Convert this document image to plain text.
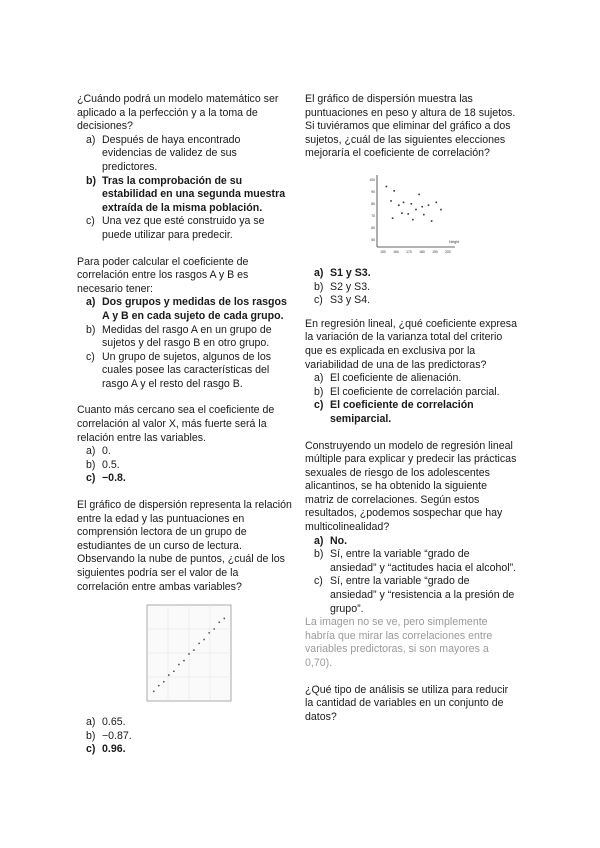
¿Cuándo podrá un modelo matemático ser aplicado a la perfección y a la toma de decisiones?

a) Después de haya encontrado evidencias de validez de sus predictores.
b) Tras la comprobación de su estabilidad en una segunda muestra extraída de la misma población.
c) Una vez que esté construido ya se puede utilizar para predecir.

Para poder calcular el coeficiente de correlación entre los rasgos A y B es necesario tener:

a) Dos grupos y medidas de los rasgos A y B en cada sujeto de cada grupo.
b) Medidas del rasgo A en un grupo de sujetos y del rasgo B en otro grupo.
c) Un grupo de sujetos, algunos de los cuales posee las características del rasgo A y el resto del rasgo B.

Cuanto más cercano sea el coeficiente de correlación al valor X, más fuerte será la relación entre las variables.

a) 0.
b) 0.5.
c) −0.8.

El gráfico de dispersión representa la relación entre la edad y las puntuaciones en comprensión lectora de un grupo de estudiantes de un curso de lectura. Observando la nube de puntos, ¿cuál de los siguientes podría ser el valor de la correlación entre ambas variables?

a) 0.65.
b) −0.87.
c) 0.96.

El gráfico de dispersión muestra las puntuaciones en peso y altura de 18 sujetos. Si tuviéramos que eliminar del gráfico a dos sujetos, ¿cuál de las siguientes elecciones mejoraría el coeficiente de correlación?

Height
150 160 170 180 190 200
100
90
80
70
60
50
a) S1 y S3.
b) S2 y S3.
c) S3 y S4.

En regresión lineal, ¿qué coeficiente expresa la variación de la varianza total del criterio que es explicada en exclusiva por la variabilidad de una de las predictoras?

a) El coeficiente de alienación.
b) El coeficiente de correlación parcial.
c) El coeficiente de correlación semiparcial.

Construyendo un modelo de regresión lineal múltiple para explicar y predecir las prácticas sexuales de riesgo de los adolescentes alicantinos, se ha obtenido la siguiente matriz de correlaciones. Según estos resultados, ¿podemos sospechar que hay multicolinealidad?

a) No.
b) Sí, entre la variable “grado de ansiedad” y “actitudes hacia el alcohol”.
c) Sí, entre la variable “grado de ansiedad” y “resistencia a la presión de grupo”.

La imagen no se ve, pero simplemente habría que mirar las correlaciones entre variables predictoras, si son mayores a 0,70).

¿Qué tipo de análisis se utiliza para reducir la cantidad de variables en un conjunto de datos?
